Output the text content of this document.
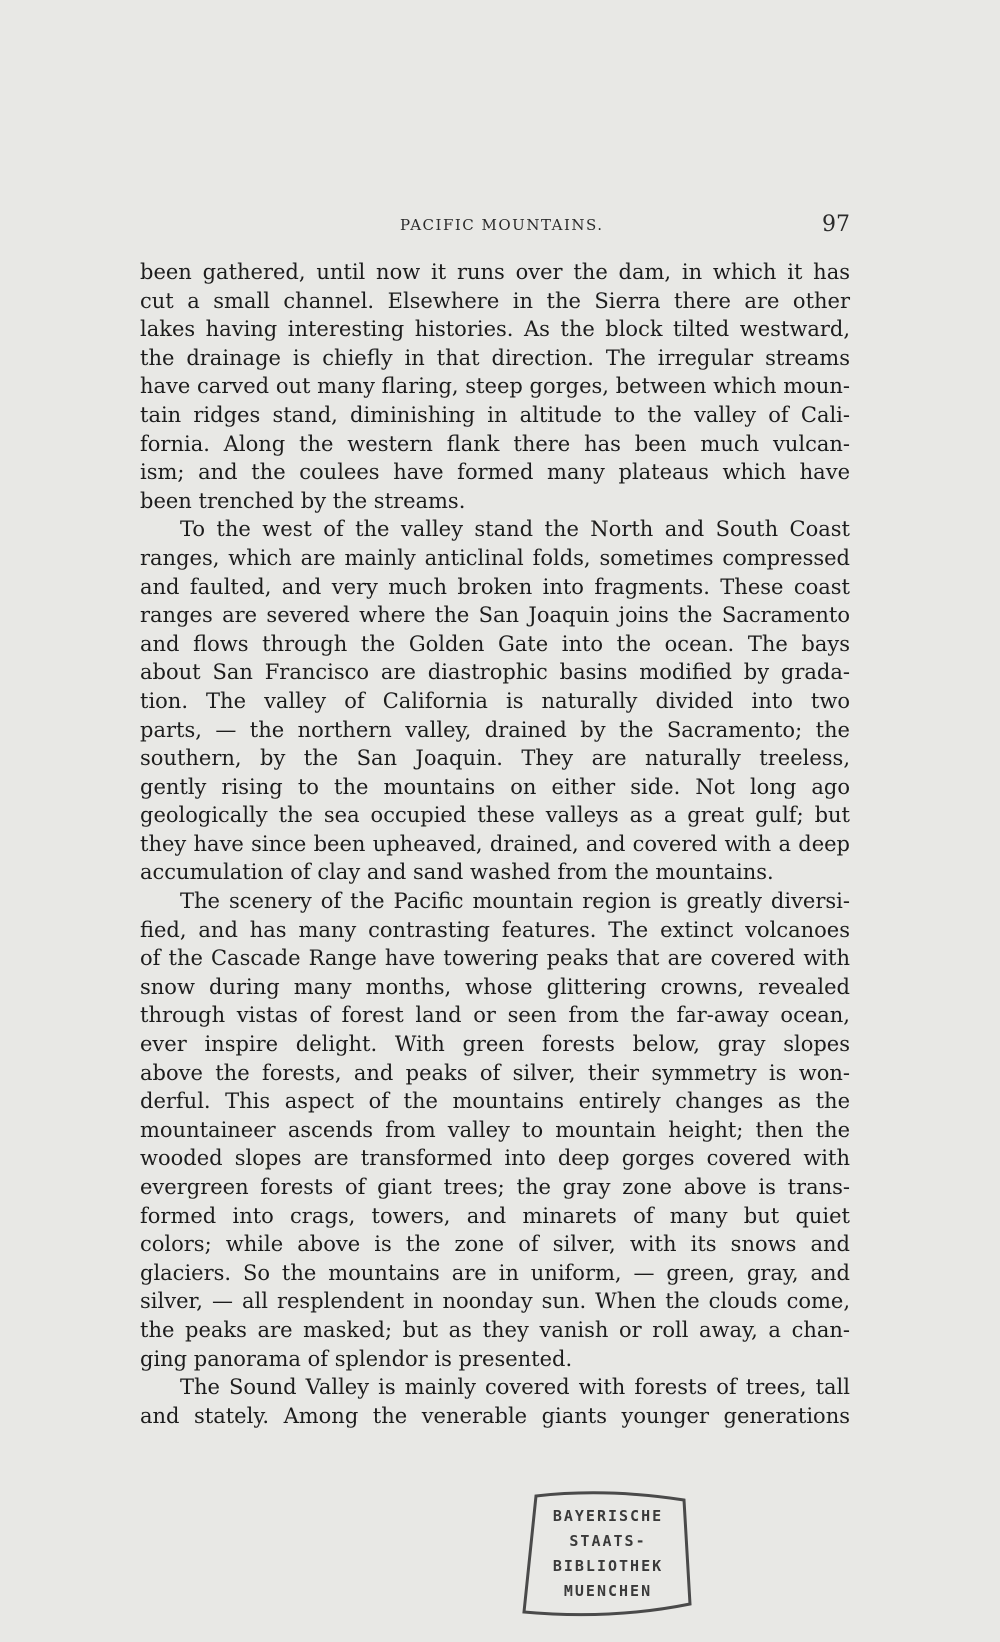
PACIFIC MOUNTAINS.	97
been gathered, until now it runs over the dam, in which it has
cut a small channel. Elsewhere in the Sierra there are other
lakes having interesting histories. As the block tilted westward,
the drainage is chiefly in that direction. The irregular streams
have carved out many flaring, steep gorges, between which moun-
tain ridges stand, diminishing in altitude to the valley of Cali-
fornia. Along the western flank there has been much vulcan-
ism; and the coulees have formed many plateaus which have
been trenched by the streams.
To the west of the valley stand the North and South Coast
ranges, which are mainly anticlinal folds, sometimes compressed
and faulted, and very much broken into fragments. These coast
ranges are severed where the San Joaquin joins the Sacramento
and flows through the Golden Gate into the ocean. The bays
about San Francisco are diastrophic basins modified by grada-
tion. The valley of California is naturally divided into two
parts, — the northern valley, drained by the Sacramento; the
southern, by the San Joaquin. They are naturally treeless,
gently rising to the mountains on either side. Not long ago
geologically the sea occupied these valleys as a great gulf; but
they have since been upheaved, drained, and covered with a deep
accumulation of clay and sand washed from the mountains.
The scenery of the Pacific mountain region is greatly diversi-
fied, and has many contrasting features. The extinct volcanoes
of the Cascade Range have towering peaks that are covered with
snow during many months, whose glittering crowns, revealed
through vistas of forest land or seen from the far-away ocean,
ever inspire delight. With green forests below, gray slopes
above the forests, and peaks of silver, their symmetry is won-
derful. This aspect of the mountains entirely changes as the
mountaineer ascends from valley to mountain height; then the
wooded slopes are transformed into deep gorges covered with
evergreen forests of giant trees; the gray zone above is trans-
formed into crags, towers, and minarets of many but quiet
colors; while above is the zone of silver, with its snows and
glaciers. So the mountains are in uniform, — green, gray, and
silver, — all resplendent in noonday sun. When the clouds come,
the peaks are masked; but as they vanish or roll away, a chan-
ging panorama of splendor is presented.
The Sound Valley is mainly covered with forests of trees, tall
and stately. Among the venerable giants younger generations
BAYERISCHE
STAATS-
BIBLIOTHEK
MUENCHEN
